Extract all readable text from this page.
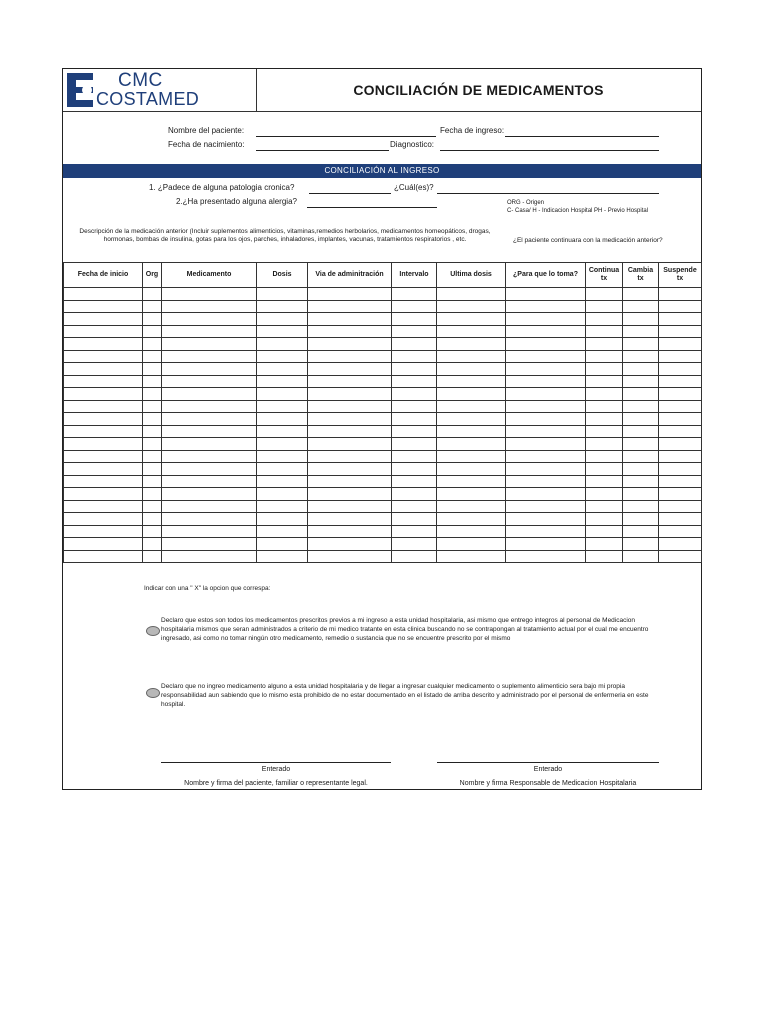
CMC
COSTAMED	CONCILIACIÓN DE MEDICAMENTOS
Nombre del paciente:	Fecha de ingreso:
Fecha de nacimiento:	Diagnostico:
CONCILIACIÓN AL INGRESO
1. ¿Padece de alguna patologia cronica?	¿Cuál(es)?
2.¿Ha presentado alguna alergia?	ORG - Origen
C- Casa/ H - Indicacion Hospital PH - Previo Hospital
Descripción de la medicación anterior (Incluir suplementos alimenticios, vitaminas,remedios herbolarios, medicamentos homeopáticos, drogas, hormonas, bombas de insulina, gotas para los ojos, parches, inhaladores, implantes, vacunas, tratamientos respiratorios , etc.	¿El paciente continuara con la medicación anterior?
Fecha de inicio	Org	Medicamento	Dosis	Via de adminitración	Intervalo	Ultima dosis	¿Para que lo toma?	Continua tx	Cambia tx	Suspende tx

Indicar con una " X" la opcion que correspa:
Declaro que estos son todos los medicamentos prescritos previos a mi ingreso a esta unidad hospitalaria, asi mismo que entrego integros al personal de Medicacion hospitalaria mismos que seran administrados a criterio de mi medico tratante en esta clinica buscando no se contrapongan al tratamiento actual por el cual me encuentro ingresado, asi como no tomar ningún otro medicamento, remedio o sustancia que no se encuentre prescrito por el mismo
Declaro que no ingreo medicamento alguno a esta unidad hospitalaria y de llegar a ingresar cualquier medicamento o suplemento alimenticio sera bajo mi propia responsabilidad aun sabiendo que lo mismo esta prohibido de no estar documentado en el listado de arriba descrito y administrado por el personal de enfermeria en este hospital.
Enterado
Nombre y firma del paciente, familiar o representante legal.
Enterado
Nombre y firma Responsable de Medicacion Hospitalaria
